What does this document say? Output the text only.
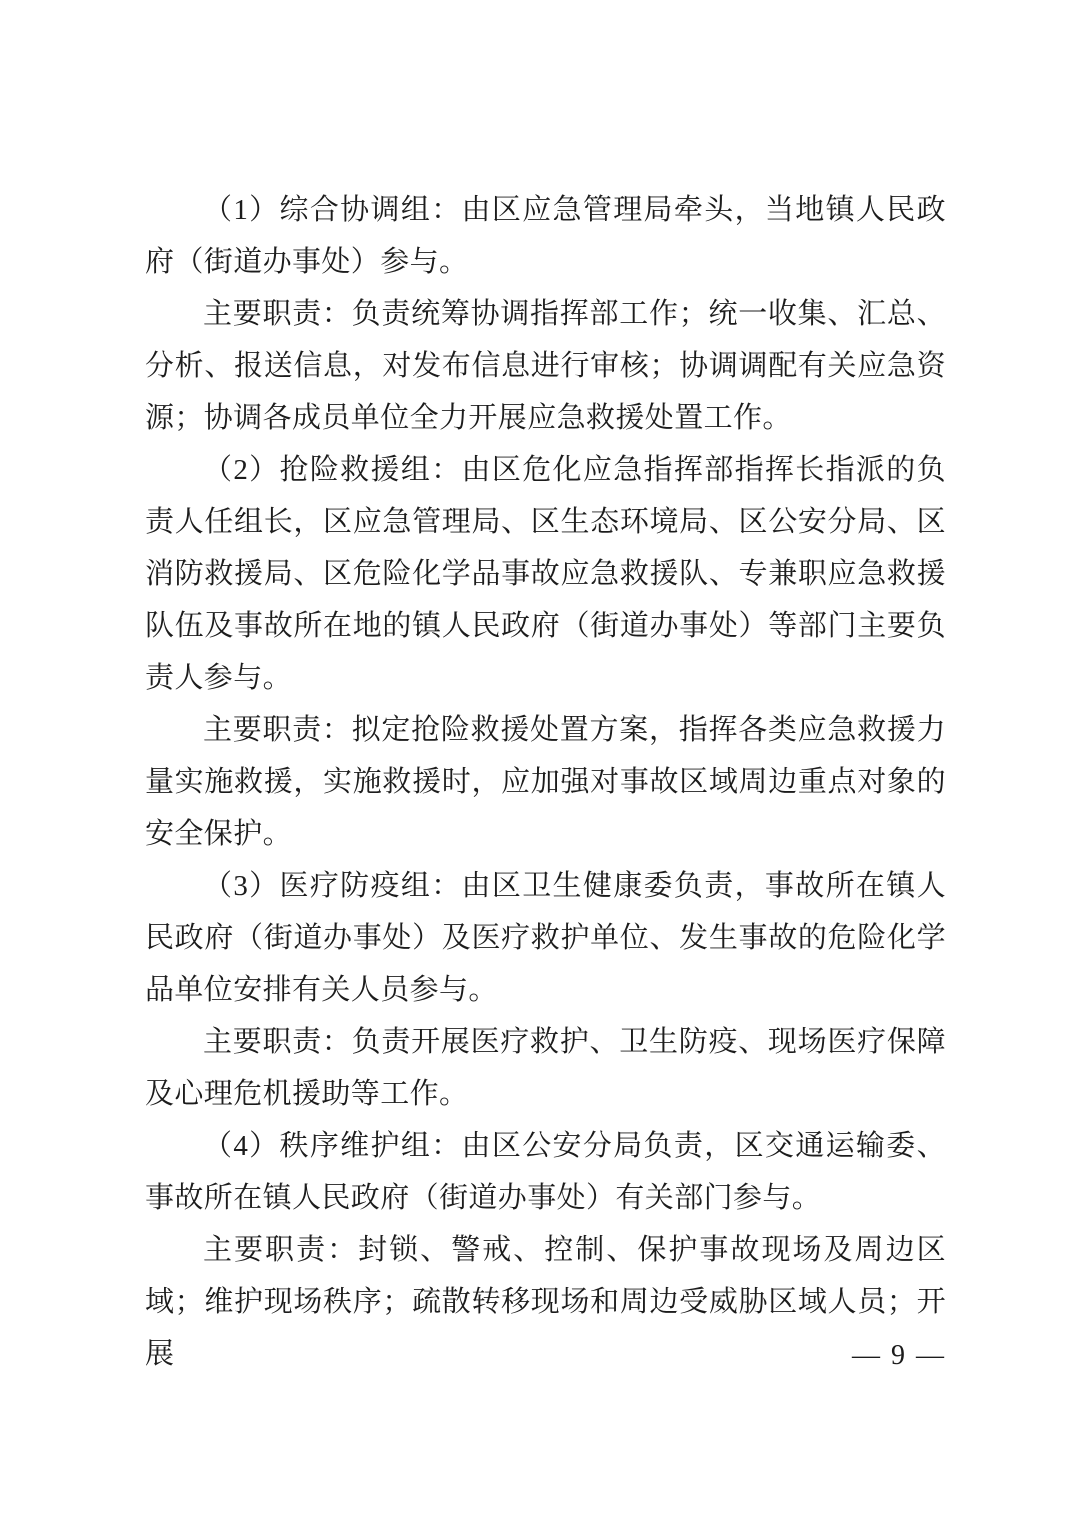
（1）综合协调组：由区应急管理局牵头，当地镇人民政府（街道办事处）参与。

主要职责：负责统筹协调指挥部工作；统一收集、汇总、分析、报送信息，对发布信息进行审核；协调调配有关应急资源；协调各成员单位全力开展应急救援处置工作。

（2）抢险救援组：由区危化应急指挥部指挥长指派的负责人任组长，区应急管理局、区生态环境局、区公安分局、区消防救援局、区危险化学品事故应急救援队、专兼职应急救援队伍及事故所在地的镇人民政府（街道办事处）等部门主要负责人参与。

主要职责：拟定抢险救援处置方案，指挥各类应急救援力量实施救援，实施救援时，应加强对事故区域周边重点对象的安全保护。

（3）医疗防疫组：由区卫生健康委负责，事故所在镇人民政府（街道办事处）及医疗救护单位、发生事故的危险化学品单位安排有关人员参与。

主要职责：负责开展医疗救护、卫生防疫、现场医疗保障及心理危机援助等工作。

（4）秩序维护组：由区公安分局负责，区交通运输委、事故所在镇人民政府（街道办事处）有关部门参与。

主要职责：封锁、警戒、控制、保护事故现场及周边区域；维护现场秩序；疏散转移现场和周边受威胁区域人员；开展	— 9 —
